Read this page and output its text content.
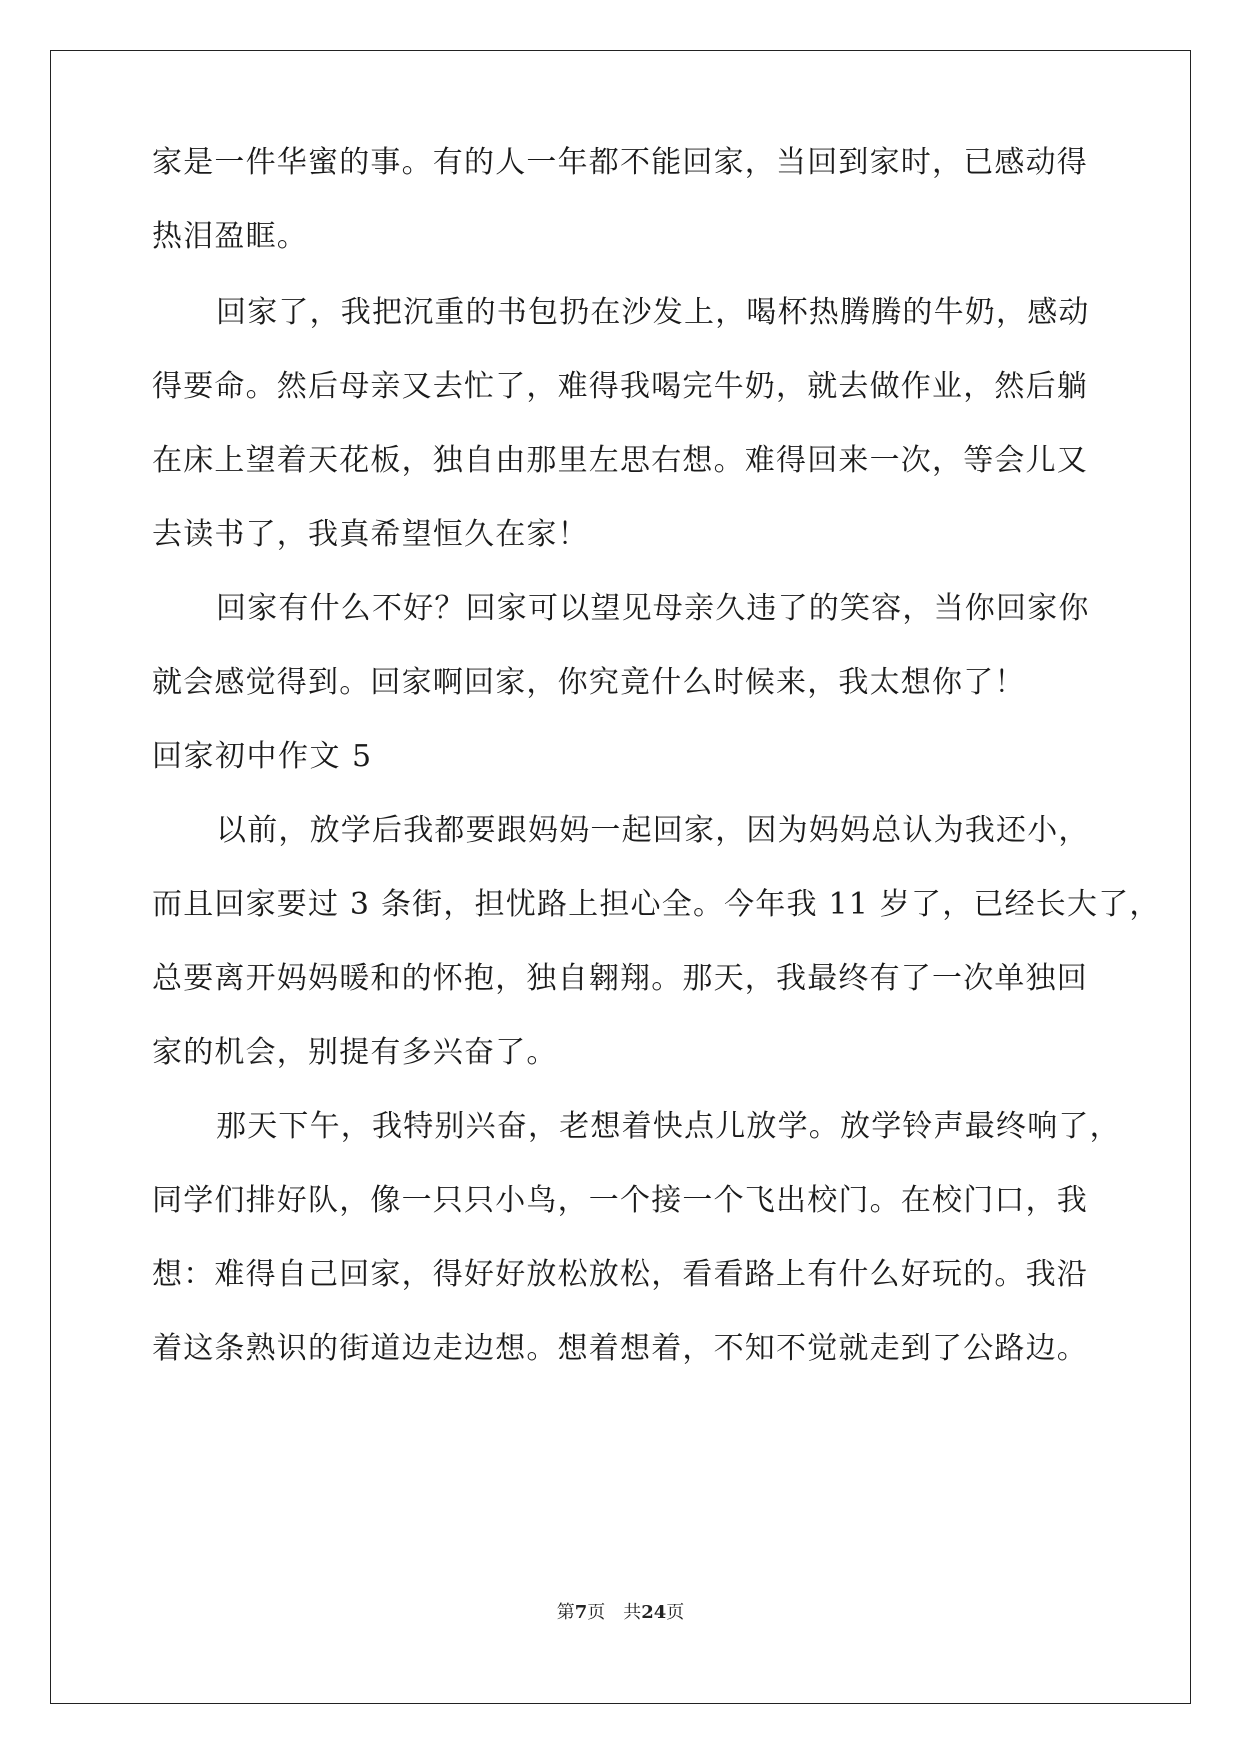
家是一件华蜜的事。有的人一年都不能回家，当回到家时，已感动得
热泪盈眶。
回家了，我把沉重的书包扔在沙发上，喝杯热腾腾的牛奶，感动
得要命。然后母亲又去忙了，难得我喝完牛奶，就去做作业，然后躺
在床上望着天花板，独自由那里左思右想。难得回来一次，等会儿又
去读书了，我真希望恒久在家！
回家有什么不好？回家可以望见母亲久违了的笑容，当你回家你
就会感觉得到。回家啊回家，你究竟什么时候来，我太想你了！
回家初中作文 5
以前，放学后我都要跟妈妈一起回家，因为妈妈总认为我还小，
而且回家要过 3 条街，担忧路上担心全。今年我 11 岁了，已经长大了，
总要离开妈妈暖和的怀抱，独自翱翔。那天，我最终有了一次单独回
家的机会，别提有多兴奋了。
那天下午，我特别兴奋，老想着快点儿放学。放学铃声最终响了，
同学们排好队，像一只只小鸟，一个接一个飞出校门。在校门口，我
想：难得自己回家，得好好放松放松，看看路上有什么好玩的。我沿
着这条熟识的街道边走边想。想着想着，不知不觉就走到了公路边。
第7页 共24页
